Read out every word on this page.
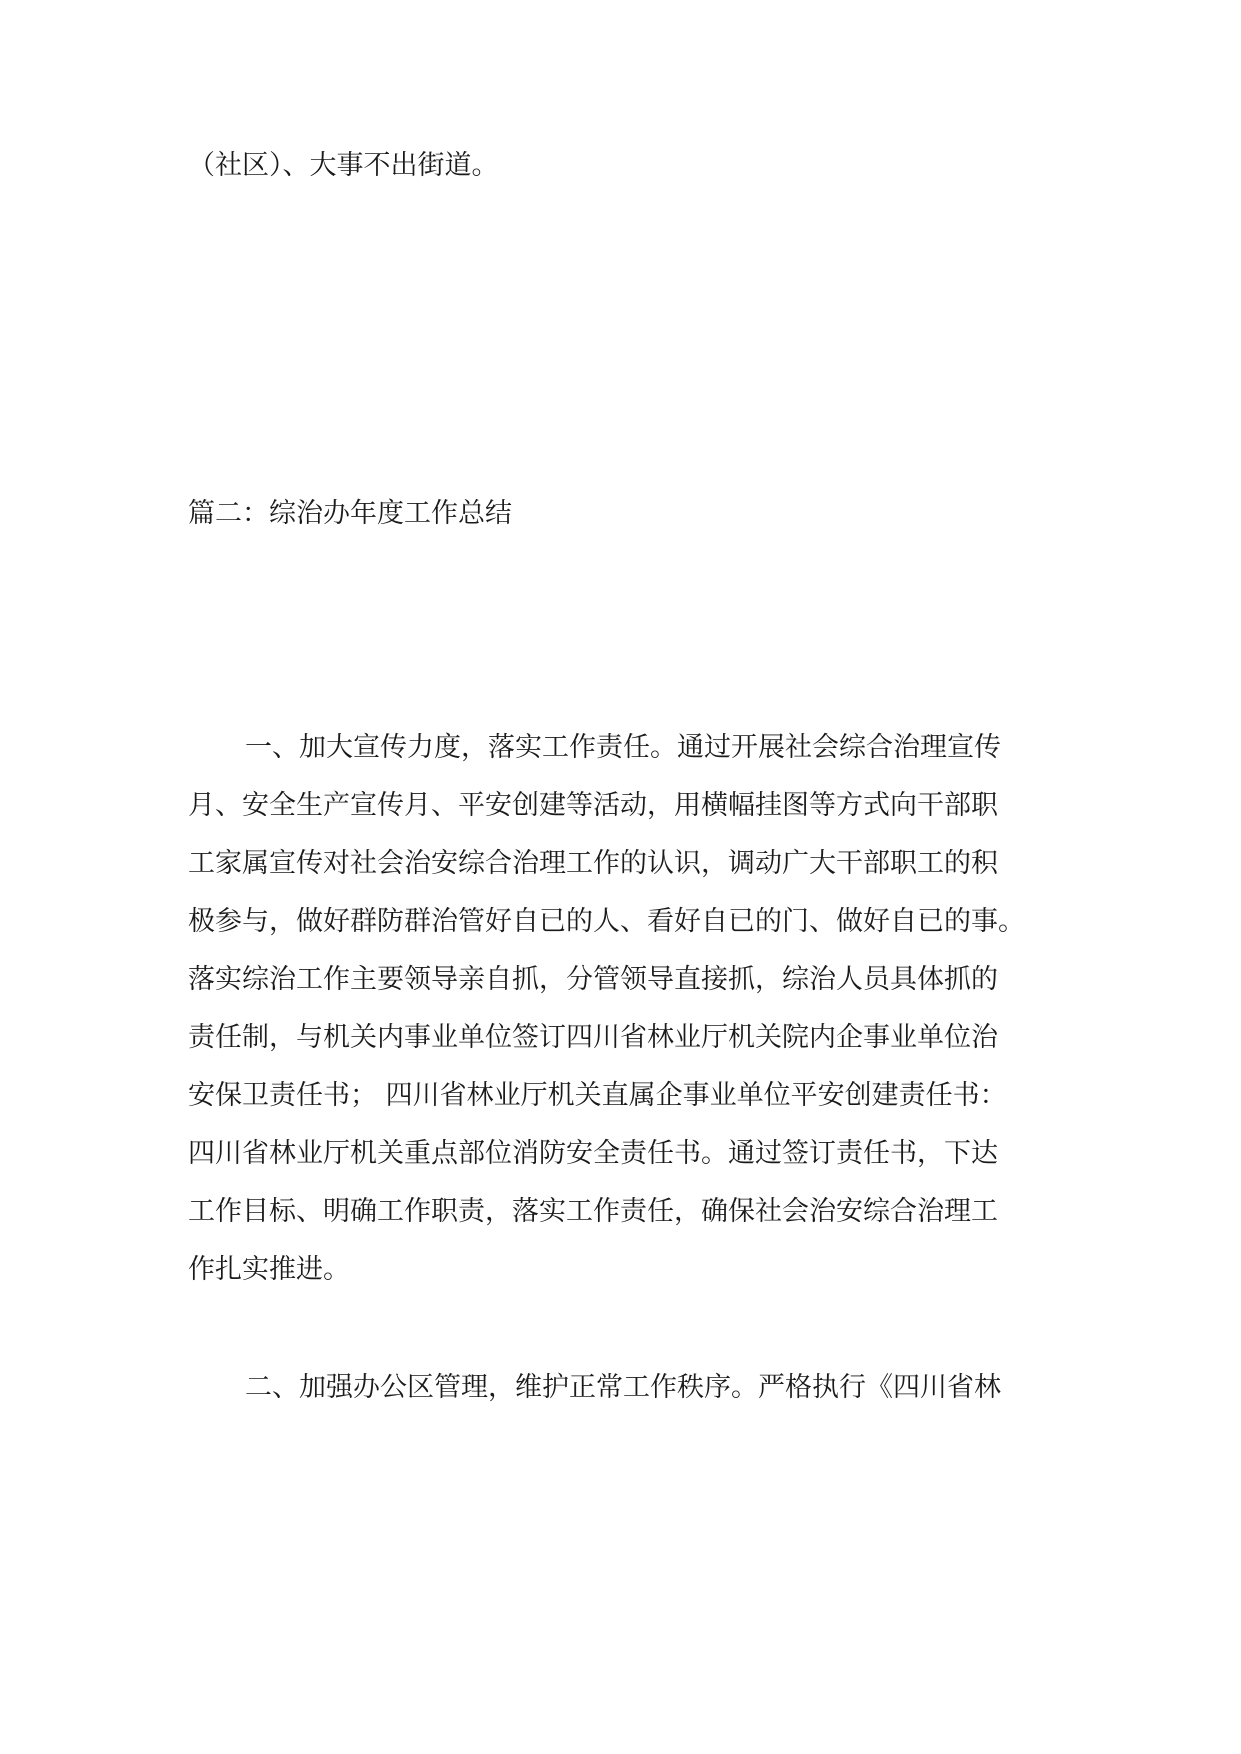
（社区）、大事不出街道。
篇二：综治办年度工作总结
一、加大宣传力度，落实工作责任。通过开展社会综合治理宣传
月、安全生产宣传月、平安创建等活动，用横幅挂图等方式向干部职
工家属宣传对社会治安综合治理工作的认识，调动广大干部职工的积
极参与，做好群防群治管好自已的人、看好自已的门、做好自已的事。
落实综治工作主要领导亲自抓，分管领导直接抓，综治人员具体抓的
责任制，与机关内事业单位签订四川省林业厅机关院内企事业单位治
安保卫责任书； 四川省林业厅机关直属企事业单位平安创建责任书：
四川省林业厅机关重点部位消防安全责任书。通过签订责任书，下达
工作目标、明确工作职责，落实工作责任，确保社会治安综合治理工
作扎实推进。
二、加强办公区管理，维护正常工作秩序。严格执行《四川省林
